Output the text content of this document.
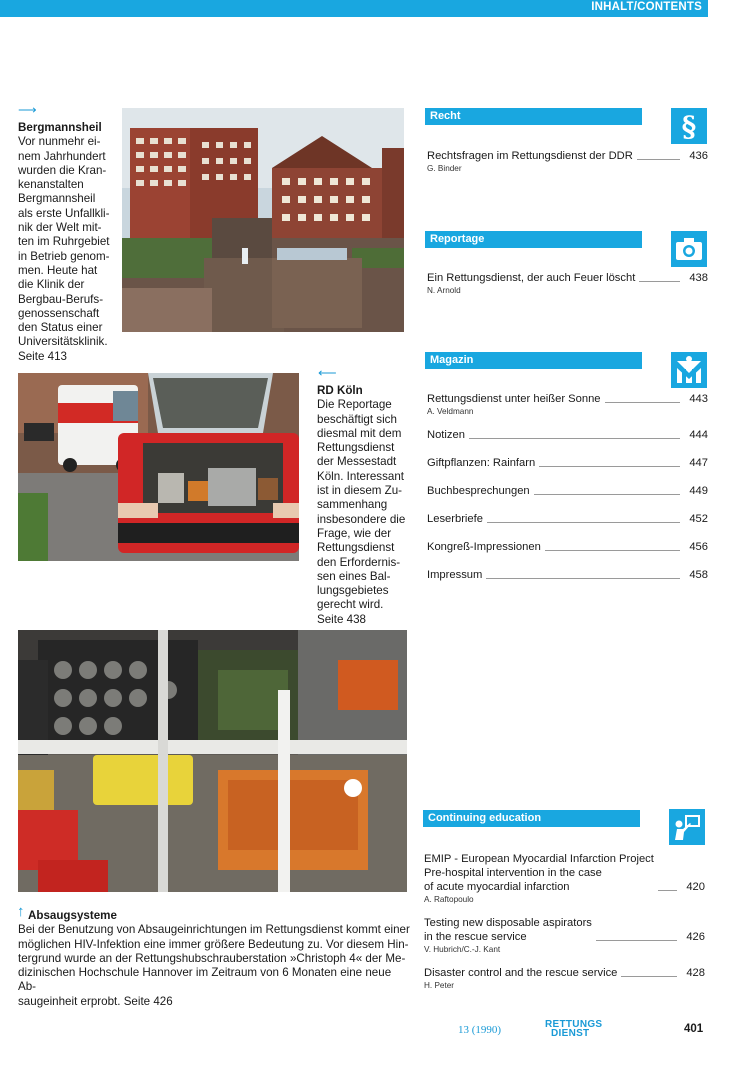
INHALT/CONTENTS
⟶
Bergmannsheil
Vor nunmehr ei-
nem Jahrhundert
wurden die Kran-
kenanstalten
Bergmannsheil
als erste Unfallkli-
nik der Welt mit-
ten im Ruhrgebiet
in Betrieb genom-
men. Heute hat
die Klinik der
Bergbau-Berufs-
genossenschaft
den Status einer
Universitätsklinik.
Seite 413
⟵
RD Köln
Die Reportage
beschäftigt sich
diesmal mit dem
Rettungsdienst
der Messestadt
Köln. Interessant
ist in diesem Zu-
sammenhang
insbesondere die
Frage, wie der
Rettungsdienst
den Erfordernis-
sen eines Bal-
lungsgebietes
gerecht wird.
Seite 438
↑ Absaugsysteme
Bei der Benutzung von Absaugeinrichtungen im Rettungsdienst kommt einer
möglichen HIV-Infektion eine immer größere Bedeutung zu. Vor diesem Hin-
tergrund wurde an der Rettungshubschrauberstation »Christoph 4« der Me-
dizinischen Hochschule Hannover im Zeitraum von 6 Monaten eine neue Ab-
saugeinheit erprobt. Seite 426
Recht	§
Rechtsfragen im Rettungsdienst der DDR	436
G. Binder
Reportage
Ein Rettungsdienst, der auch Feuer löscht	438
N. Arnold
Magazin
Rettungsdienst unter heißer Sonne	443
A. Veldmann
Notizen	444
Giftpflanzen: Rainfarn	447
Buchbesprechungen	449
Leserbriefe	452
Kongreß-Impressionen	456
Impressum	458
Continuing education
EMIP - European Myocardial Infarction Project
Pre-hospital intervention in the case
of acute myocardial infarction	420
A. Raftopoulo
Testing new disposable aspirators
in the rescue service	426
V. Hubrich/C.-J. Kant
Disaster control and the rescue service	428
H. Peter
13 (1990)	RETTUNGS
DIENST	401
